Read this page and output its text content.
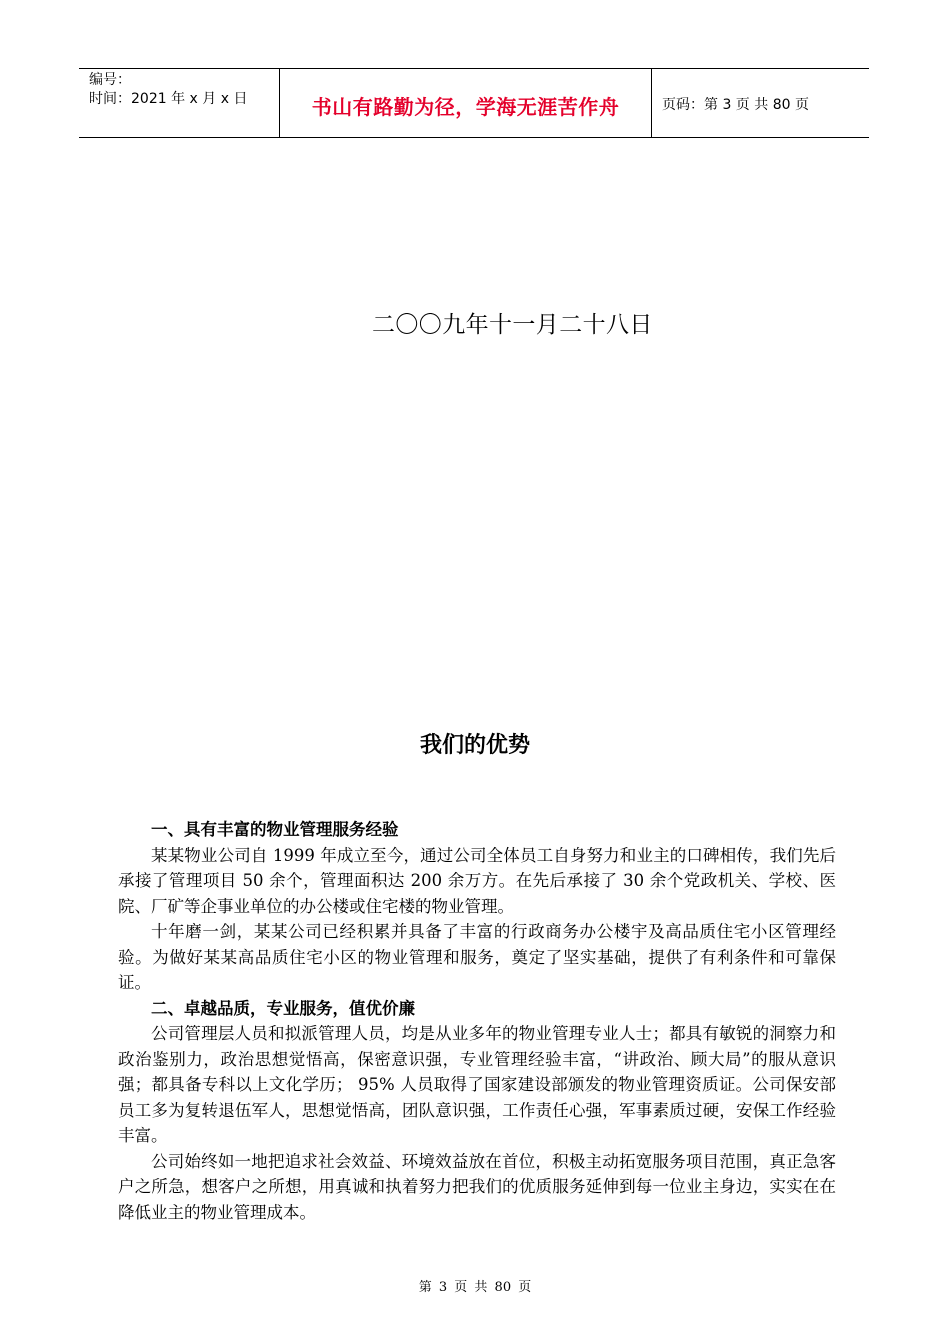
编号：
时间：2021 年 x 月 x 日	书山有路勤为径，学海无涯苦作舟	页码：第 3 页 共 80 页
二〇〇九年十一月二十八日
我们的优势
一、具有丰富的物业管理服务经验

某某物业公司自 1999 年成立至今，通过公司全体员工自身努力和业主的口碑相传，我们先后承接了管理项目 50 余个，管理面积达 200 余万方。在先后承接了 30 余个党政机关、学校、医院、厂矿等企事业单位的办公楼或住宅楼的物业管理。

十年磨一剑，某某公司已经积累并具备了丰富的行政商务办公楼宇及高品质住宅小区管理经验。为做好某某高品质住宅小区的物业管理和服务，奠定了坚实基础，提供了有利条件和可靠保证。

二、卓越品质，专业服务，值优价廉

公司管理层人员和拟派管理人员，均是从业多年的物业管理专业人士；都具有敏锐的洞察力和政治鉴别力，政治思想觉悟高，保密意识强，专业管理经验丰富，“讲政治、顾大局”的服从意识强；都具备专科以上文化学历； 95% 人员取得了国家建设部颁发的物业管理资质证。公司保安部员工多为复转退伍军人，思想觉悟高，团队意识强，工作责任心强，军事素质过硬，安保工作经验丰富。

公司始终如一地把追求社会效益、环境效益放在首位，积极主动拓宽服务项目范围，真正急客户之所急，想客户之所想，用真诚和执着努力把我们的优质服务延伸到每一位业主身边，实实在在降低业主的物业管理成本。

第 3 页 共 80 页
